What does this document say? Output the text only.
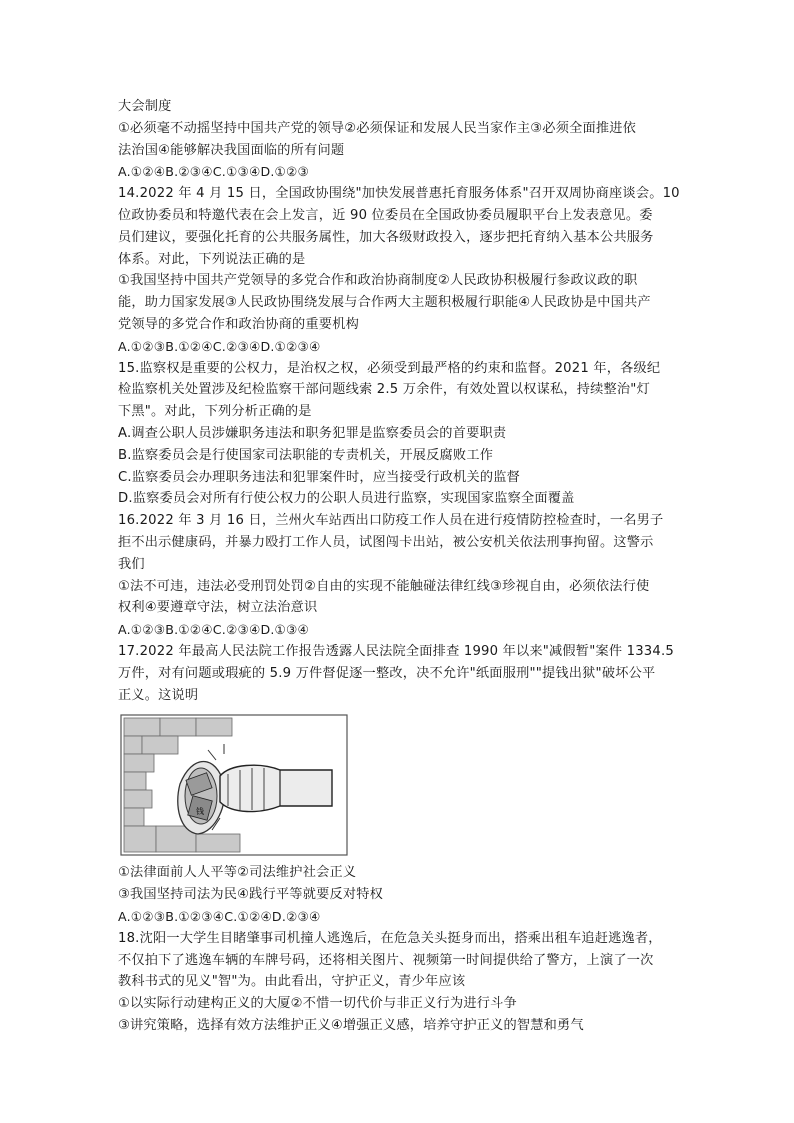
大会制度
①必须毫不动摇坚持中国共产党的领导②必须保证和发展人民当家作主③必须全面推进依
法治国④能够解决我国面临的所有问题
A.①②④B.②③④C.①③④D.①②③
14.2022 年 4 月 15 日，全国政协围绕"加快发展普惠托育服务体系"召开双周协商座谈会。10
位政协委员和特邀代表在会上发言，近 90 位委员在全国政协委员履职平台上发表意见。委
员们建议，要强化托育的公共服务属性，加大各级财政投入，逐步把托育纳入基本公共服务
体系。对此，下列说法正确的是
①我国坚持中国共产党领导的多党合作和政治协商制度②人民政协积极履行参政议政的职
能，助力国家发展③人民政协围绕发展与合作两大主题积极履行职能④人民政协是中国共产
党领导的多党合作和政治协商的重要机构
A.①②③B.①②④C.②③④D.①②③④
15.监察权是重要的公权力，是治权之权，必须受到最严格的约束和监督。2021 年，各级纪
检监察机关处置涉及纪检监察干部问题线索 2.5 万余件，有效处置以权谋私，持续整治"灯
下黑"。对此，下列分析正确的是
A.调查公职人员涉嫌职务违法和职务犯罪是监察委员会的首要职责
B.监察委员会是行使国家司法职能的专责机关，开展反腐败工作
C.监察委员会办理职务违法和犯罪案件时，应当接受行政机关的监督
D.监察委员会对所有行使公权力的公职人员进行监察，实现国家监察全面覆盖
16.2022 年 3 月 16 日，兰州火车站西出口防疫工作人员在进行疫情防控检查时，一名男子
拒不出示健康码，并暴力殴打工作人员，试图闯卡出站，被公安机关依法刑事拘留。这警示
我们
①法不可违，违法必受刑罚处罚②自由的实现不能触碰法律红线③珍视自由，必须依法行使
权利④要遵章守法，树立法治意识
A.①②③B.①②④C.②③④D.①③④
17.2022 年最高人民法院工作报告透露人民法院全面排查 1990 年以来"减假暂"案件 1334.5
万件，对有问题或瑕疵的 5.9 万件督促逐一整改，决不允许"纸面服刑""提钱出狱"破坏公平
正义。这说明
钱
①法律面前人人平等②司法维护社会正义
③我国坚持司法为民④践行平等就要反对特权
A.①②③B.①②③④C.①②④D.②③④
18.沈阳一大学生目睹肇事司机撞人逃逸后，在危急关头挺身而出，搭乘出租车追赶逃逸者，
不仅拍下了逃逸车辆的车牌号码，还将相关图片、视频第一时间提供给了警方，上演了一次
教科书式的见义"智"为。由此看出，守护正义，青少年应该
①以实际行动建构正义的大厦②不惜一切代价与非正义行为进行斗争
③讲究策略，选择有效方法维护正义④增强正义感，培养守护正义的智慧和勇气
